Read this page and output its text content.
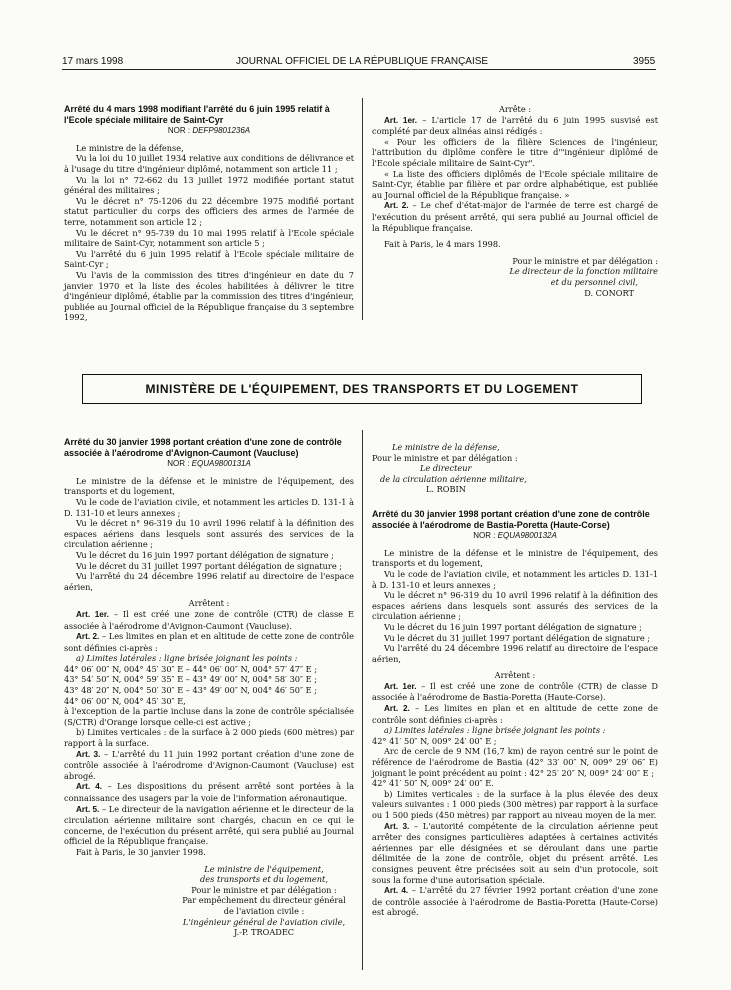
17 mars 1998	JOURNAL OFFICIEL DE LA RÉPUBLIQUE FRANÇAISE	3955
Arrêté du 4 mars 1998 modifiant l'arrêté du 6 juin 1995 relatif à l'Ecole spéciale militaire de Saint-Cyr
NOR : DEFP9801236A

Le ministre de la défense,

Vu la loi du 10 juillet 1934 relative aux conditions de délivrance et à l'usage du titre d'ingénieur diplômé, notamment son article 11 ;

Vu la loi n° 72-662 du 13 juillet 1972 modifiée portant statut général des militaires ;

Vu le décret n° 75-1206 du 22 décembre 1975 modifié portant statut particulier du corps des officiers des armes de l'armée de terre, notamment son article 12 ;

Vu le décret n° 95-739 du 10 mai 1995 relatif à l'Ecole spéciale militaire de Saint-Cyr, notamment son article 5 ;

Vu l'arrêté du 6 juin 1995 relatif à l'Ecole spéciale militaire de Saint-Cyr ;

Vu l'avis de la commission des titres d'ingénieur en date du 7 janvier 1970 et la liste des écoles habilitées à délivrer le titre d'ingénieur diplômé, établie par la commission des titres d'ingénieur, publiée au Journal officiel de la République française du 3 septembre 1992,

Arrête :

Art. 1er. – L'article 17 de l'arrêté du 6 juin 1995 susvisé est complété par deux alinéas ainsi rédigés :

« Pour les officiers de la filière Sciences de l'ingénieur, l'attribution du diplôme confère le titre d'"ingénieur diplômé de l'Ecole spéciale militaire de Saint-Cyr".

« La liste des officiers diplômés de l'Ecole spéciale militaire de Saint-Cyr, établie par filière et par ordre alphabétique, est publiée au Journal officiel de la République française. »

Art. 2. – Le chef d'état-major de l'armée de terre est chargé de l'exécution du présent arrêté, qui sera publié au Journal officiel de la République française.

Fait à Paris, le 4 mars 1998.

Pour le ministre et par délégation :

Le directeur de la fonction militaire

et du personnel civil,

D. CONORT

MINISTÈRE DE L'ÉQUIPEMENT, DES TRANSPORTS ET DU LOGEMENT
Arrêté du 30 janvier 1998 portant création d'une zone de contrôle associée à l'aérodrome d'Avignon-Caumont (Vaucluse)
NOR : EQUA9800131A

Le ministre de la défense et le ministre de l'équipement, des transports et du logement,

Vu le code de l'aviation civile, et notamment les articles D. 131-1 à D. 131-10 et leurs annexes ;

Vu le décret n° 96-319 du 10 avril 1996 relatif à la définition des espaces aériens dans lesquels sont assurés des services de la circulation aérienne ;

Vu le décret du 16 juin 1997 portant délégation de signature ;

Vu le décret du 31 juillet 1997 portant délégation de signature ;

Vu l'arrêté du 24 décembre 1996 relatif au directoire de l'espace aérien,

Arrêtent :

Art. 1er. – Il est créé une zone de contrôle (CTR) de classe E associée à l'aérodrome d'Avignon-Caumont (Vaucluse).

Art. 2. – Les limites en plan et en altitude de cette zone de contrôle sont définies ci-après :

a) Limites latérales : ligne brisée joignant les points :

44° 06′ 00″ N, 004° 45′ 30″ E – 44° 06′ 00″ N, 004° 57′ 47″ E ;

43° 54′ 50″ N, 004° 59′ 35″ E – 43° 49′ 00″ N, 004° 58′ 30″ E ;

43° 48′ 20″ N, 004° 50′ 30″ E – 43° 49′ 00″ N, 004° 46′ 50″ E ;

44° 06′ 00″ N, 004° 45′ 30″ E,

à l'exception de la partie incluse dans la zone de contrôle spécialisée (S/CTR) d'Orange lorsque celle-ci est active ;

b) Limites verticales : de la surface à 2 000 pieds (600 mètres) par rapport à la surface.

Art. 3. – L'arrêté du 11 juin 1992 portant création d'une zone de contrôle associée à l'aérodrome d'Avignon-Caumont (Vaucluse) est abrogé.

Art. 4. – Les dispositions du présent arrêté sont portées à la connaissance des usagers par la voie de l'information aéronautique.

Art. 5. – Le directeur de la navigation aérienne et le directeur de la circulation aérienne militaire sont chargés, chacun en ce qui le concerne, de l'exécution du présent arrêté, qui sera publié au Journal officiel de la République française.

Fait à Paris, le 30 janvier 1998.

Le ministre de l'équipement,

des transports et du logement,

Pour le ministre et par délégation :

Par empêchement du directeur général

de l'aviation civile :

L'ingénieur général de l'aviation civile,

J.-P. TROADEC

Le ministre de la défense,

Pour le ministre et par délégation :

Le directeur

de la circulation aérienne militaire,

L. ROBIN

Arrêté du 30 janvier 1998 portant création d'une zone de contrôle associée à l'aérodrome de Bastia-Poretta (Haute-Corse)
NOR : EQUA9800132A

Le ministre de la défense et le ministre de l'équipement, des transports et du logement,

Vu le code de l'aviation civile, et notamment les articles D. 131-1 à D. 131-10 et leurs annexes ;

Vu le décret n° 96-319 du 10 avril 1996 relatif à la définition des espaces aériens dans lesquels sont assurés des services de la circulation aérienne ;

Vu le décret du 16 juin 1997 portant délégation de signature ;

Vu le décret du 31 juillet 1997 portant délégation de signature ;

Vu l'arrêté du 24 décembre 1996 relatif au directoire de l'espace aérien,

Arrêtent :

Art. 1er. – Il est créé une zone de contrôle (CTR) de classe D associée à l'aérodrome de Bastia-Poretta (Haute-Corse).

Art. 2. – Les limites en plan et en altitude de cette zone de contrôle sont définies ci-après :

a) Limites latérales : ligne brisée joignant les points :

42° 41′ 50″ N, 009° 24′ 00″ E ;

Arc de cercle de 9 NM (16,7 km) de rayon centré sur le point de référence de l'aérodrome de Bastia (42° 33′ 00″ N, 009° 29′ 06″ E) joignant le point précédent au point : 42° 25′ 20″ N, 009° 24′ 00″ E ;

42° 41′ 50″ N, 009° 24′ 00″ E.

b) Limites verticales : de la surface à la plus élevée des deux valeurs suivantes : 1 000 pieds (300 mètres) par rapport à la surface ou 1 500 pieds (450 mètres) par rapport au niveau moyen de la mer.

Art. 3. – L'autorité compétente de la circulation aérienne peut arrêter des consignes particulières adaptées à certaines activités aériennes par elle désignées et se déroulant dans une partie délimitée de la zone de contrôle, objet du présent arrêté. Les consignes peuvent être précisées soit au sein d'un protocole, soit sous la forme d'une autorisation spéciale.

Art. 4. – L'arrêté du 27 février 1992 portant création d'une zone de contrôle associée à l'aérodrome de Bastia-Poretta (Haute-Corse) est abrogé.
